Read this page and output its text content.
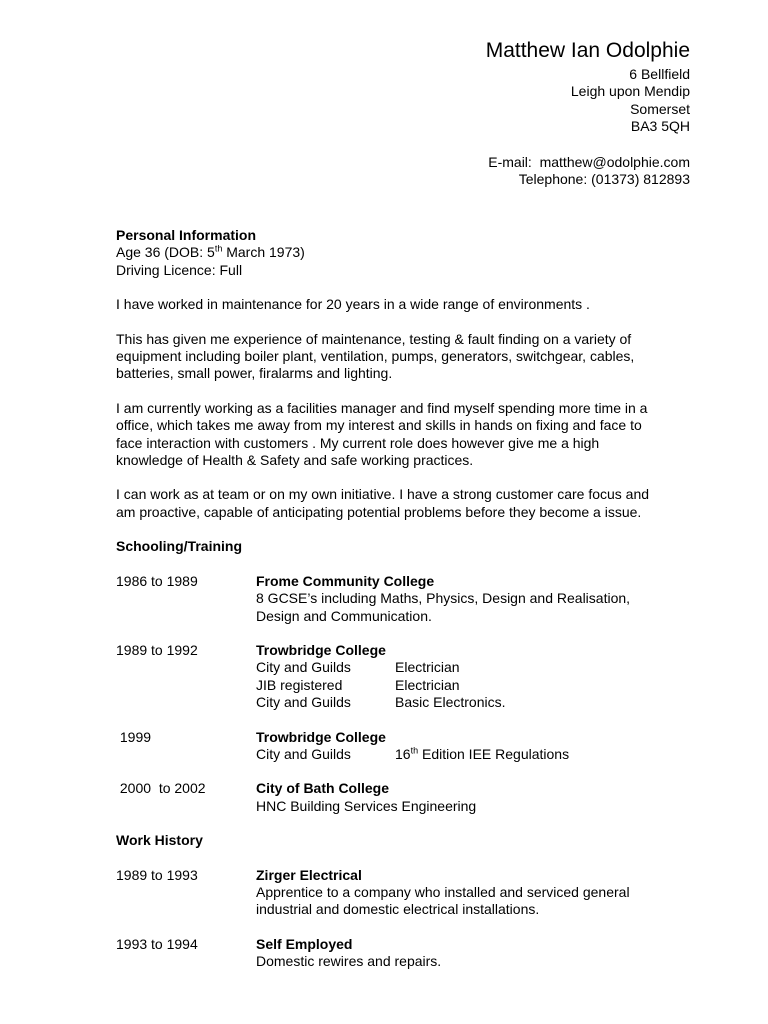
Matthew Ian Odolphie
6 Bellfield
Leigh upon Mendip
Somerset
BA3 5QH
E-mail: matthew@odolphie.com
Telephone: (01373) 812893

Personal Information

Age 36 (DOB: 5th March 1973)

Driving Licence: Full

I have worked in maintenance for 20 years in a wide range of environments .

This has given me experience of maintenance, testing & fault finding on a variety of equipment including boiler plant, ventilation, pumps, generators, switchgear, cables, batteries, small power, firalarms and lighting.

I am currently working as a facilities manager and find myself spending more time in a office, which takes me away from my interest and skills in hands on fixing and face to face interaction with customers . My current role does however give me a high knowledge of Health & Safety and safe working practices.

I can work as at team or on my own initiative. I have a strong customer care focus and am proactive, capable of anticipating potential problems before they become a issue.

Schooling/Training

1986 to 1989	Frome Community College
8 GCSE’s including Maths, Physics, Design and Realisation, Design and Communication.
1989 to 1992	Trowbridge College
City and Guilds	Electrician
JIB registered	Electrician
City and Guilds	Basic Electronics.
1999	Trowbridge College
City and Guilds	16th Edition IEE Regulations
2000  to 2002	City of Bath College
HNC Building Services Engineering

Work History

1989 to 1993	Zirger Electrical
Apprentice to a company who installed and serviced general industrial and domestic electrical installations.
1993 to 1994	Self Employed
Domestic rewires and repairs.
